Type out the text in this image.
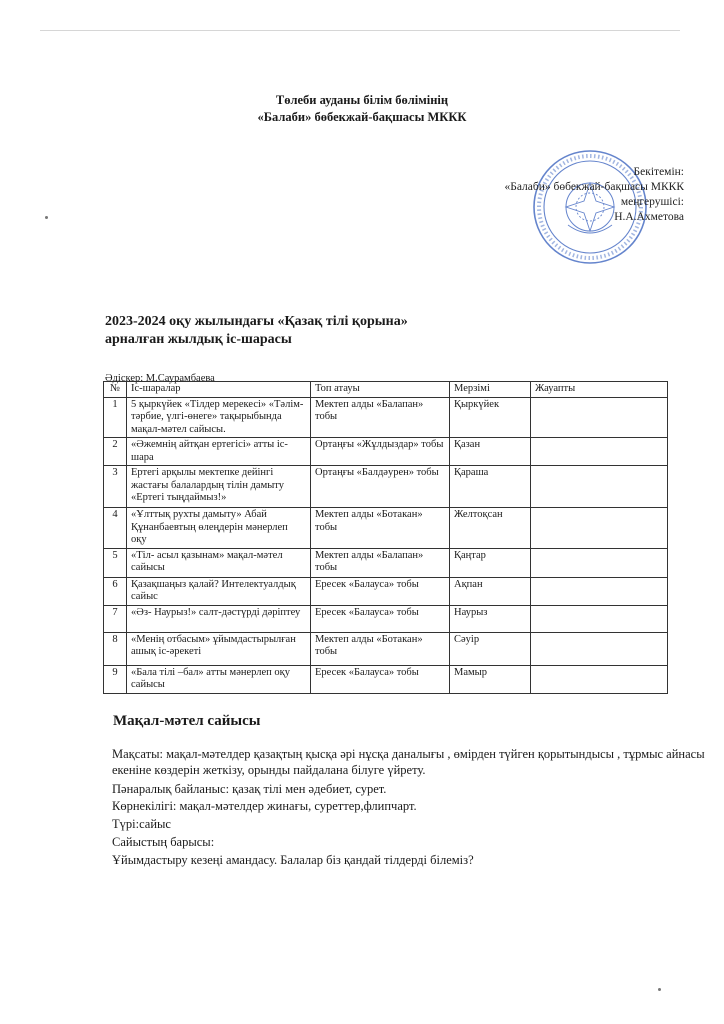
Төлеби ауданы білім бөлімінің
«Балаби» бөбекжай-бақшасы МККК
Бекітемін:
«Балаби» бөбекжай-бақшасы МККК
меңгерушісі:
Н.А.Ахметова
2023-2024 оқу жылындағы «Қазақ тілі қорына»
арналған жылдық іс-шарасы
Әдіскер: М.Саурамбаева
№	Іс-шаралар	Топ атауы	Мерзімі	Жауапты
1	5 қыркүйек «Тілдер мерекесі» «Тәлім-тәрбие, үлгі-өнеге» тақырыбында мақал-мәтел сайысы.	Мектеп алды «Балапан» тобы	Қыркүйек	
2	«Әжемнің айтқан ертегісі» атты іс-шара	Ортаңғы «Жұлдыздар» тобы	Қазан	
3	Ертегі арқылы мектепке дейінгі жастағы балалардың тілін дамыту «Ертегі тыңдаймыз!»	Ортаңғы «Балдәурен» тобы	Қараша	
4	«Ұлттық рухты дамыту» Абай Құнанбаевтың өлеңдерін мәнерлеп оқу	Мектеп алды «Ботакан» тобы	Желтоқсан	
5	«Тіл- асыл қазынам» мақал-мәтел сайысы	Мектеп алды «Балапан» тобы	Қаңтар	
6	Қазақшаңыз қалай? Интелектуалдық сайыс	Ересек «Балауса» тобы	Ақпан	
7	«Әз- Наурыз!» салт-дәстүрді дәріптеу	Ересек «Балауса» тобы	Наурыз	
8	«Менің отбасым» ұйымдастырылған ашық іс-әрекеті	Мектеп алды «Ботакан» тобы	Сәуір	
9	«Бала тілі –бал» атты мәнерлеп оқу сайысы	Ересек «Балауса» тобы	Мамыр	
Мақал-мәтел сайысы
Мақсаты: мақал-мәтелдер қазақтың қысқа әрі нұсқа даналығы , өмірден түйген қорытындысы , тұрмыс айнасы екеніне көздерін жеткізу, орынды пайдалана білуге үйрету.
Пәнаралық байланыс: қазақ тілі мен әдебиет, сурет.
Көрнекілігі: мақал-мәтелдер жинағы, суреттер,флипчарт.
Түрі:сайыс
Сайыстың барысы:
Ұйымдастыру кезеңі амандасу. Балалар біз қандай тілдерді білеміз?
